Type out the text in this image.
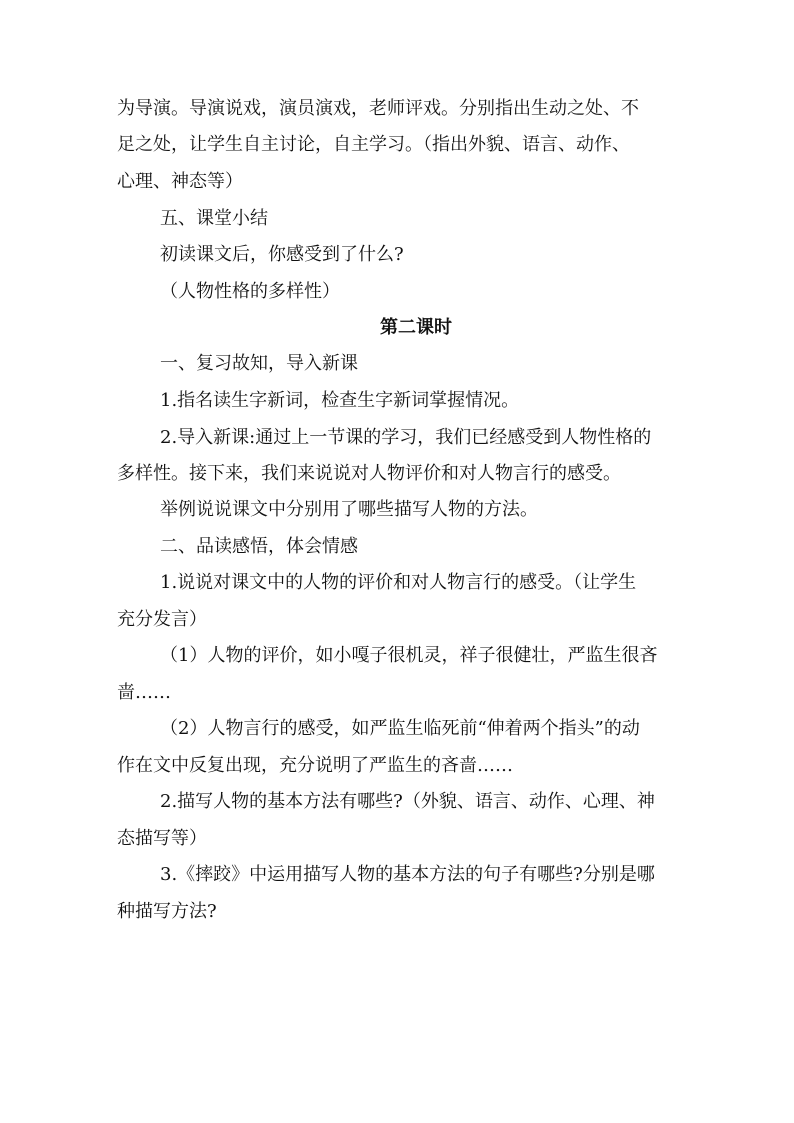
为导演。导演说戏，演员演戏，老师评戏。分别指出生动之处、不
足之处，让学生自主讨论，自主学习。（指出外貌、语言、动作、
心理、神态等）
五、课堂小结
初读课文后，你感受到了什么?
（人物性格的多样性）
第二课时
一、复习故知，导入新课
1.指名读生字新词，检查生字新词掌握情况。
2.导入新课:通过上一节课的学习，我们已经感受到人物性格的
多样性。接下来，我们来说说对人物评价和对人物言行的感受。
举例说说课文中分别用了哪些描写人物的方法。
二、品读感悟，体会情感
1.说说对课文中的人物的评价和对人物言行的感受。（让学生
充分发言）
（1）人物的评价，如小嘎子很机灵，祥子很健壮，严监生很吝
啬……
（2）人物言行的感受，如严监生临死前“伸着两个指头”的动
作在文中反复出现，充分说明了严监生的吝啬……
2.描写人物的基本方法有哪些?（外貌、语言、动作、心理、神
态描写等）
3.《摔跤》中运用描写人物的基本方法的句子有哪些?分别是哪
种描写方法?
